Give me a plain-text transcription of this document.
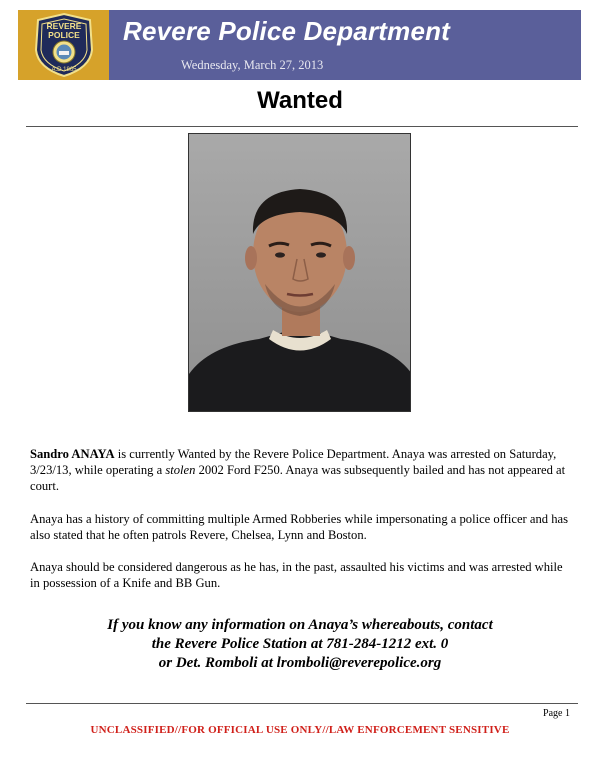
REVERE
POLICE
A.D.1865
Revere Police Department
Wednesday, March 27, 2013
Wanted

Sandro ANAYA is currently Wanted by the Revere Police Department. Anaya was arrested on Saturday, 3/23/13, while operating a stolen 2002 Ford F250. Anaya was subsequently bailed and has not appeared at court.

Anaya has a history of committing multiple Armed Robberies while impersonating a police officer and has also stated that he often patrols Revere, Chelsea, Lynn and Boston.

Anaya should be considered dangerous as he has, in the past, assaulted his victims and was arrested while in possession of a Knife and BB Gun.

If you know any information on Anaya’s whereabouts, contact
the Revere Police Station at 781-284-1212 ext. 0
or Det. Romboli at lromboli@reverepolice.org
Page 1
UNCLASSIFIED//FOR OFFICIAL USE ONLY//LAW ENFORCEMENT SENSITIVE
